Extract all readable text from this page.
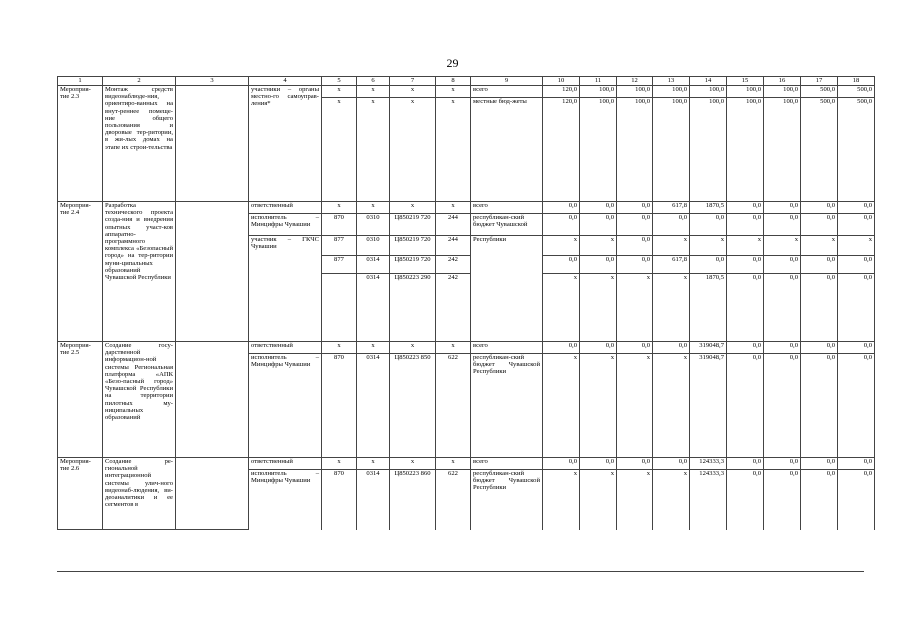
29
1	2	3	4	5	6	7	8	9	10	11	12	13	14	15	16	17	18
Мероприя-тие 2.3	Монтаж средств видеонаблюде-ния, ориентиро-ванных на внут-реннее помеще-ние общего пользования и дворовые тер-ритории, в жи-лых домах на этапе их строи-тельства		участники – органы местно-го самоупрaв-ления*	x	x	x	x	всего	120,0	100,0	100,0	100,0	100,0	100,0	100,0	500,0	500,0
				x	x	x	x	местные бюд-жеты	120,0	100,0	100,0	100,0	100,0	100,0	100,0	500,0	500,0
Мероприя-тие 2.4	Разработка технического проекта созда-ния и внедрения опытных участ-ков аппаратно-программного комплекса «Безопасный город» на тер-ритории муни-ципальных образований Чувашской Республики		ответственный	x	x	x	x	всего	0,0	0,0	0,0	617,8	1870,5	0,0	0,0	0,0	0,0
			исполнитель – Минцифры Чувашии	870	0310	Ц850219 720	244	республикан-ский бюджет Чувашской	0,0	0,0	0,0	0,0	0,0	0,0	0,0	0,0	0,0
			участник – ГКЧС Чувашии	877	0310	Ц850219 720	244	Республики	x	x	0,0	x	x	x	x	x	x
				877	0314	Ц850219 720	242		0,0	0,0	0,0	617,8	0,0	0,0	0,0	0,0	0,0
					0314	Ц850223 290	242		x	x	x	x	1870,5	0,0	0,0	0,0	0,0
Мероприя-тие 2.5	Создание госу-дарственной информацион-ной системы Региональная платформа «АПК «Безо-пасный город» Чувашской Республики на территории пилотных му-ниципальных образований		ответственный	x	x	x	x	всего	0,0	0,0	0,0	0,0	319048,7	0,0	0,0	0,0	0,0
			исполнитель – Минцифры Чувашии	870	0314	Ц850223 850	622	республикан-ский бюджет Чувашской Республики	x	x	x	x	319048,7	0,0	0,0	0,0	0,0
Мероприя-тие 2.6	Создание ре-гиональной интеграционной системы улич-ного видеонаб-людения, ви-деоаналитики и ее сегментов в		ответственный	x	x	x	x	всего	0,0	0,0	0,0	0,0	124333,3	0,0	0,0	0,0	0,0
			исполнитель – Минцифры Чувашии	870	0314	Ц850223 860	622	республикан-ский бюджет Чувашской Республики	x	x	x	x	124333,3	0,0	0,0	0,0	0,0
